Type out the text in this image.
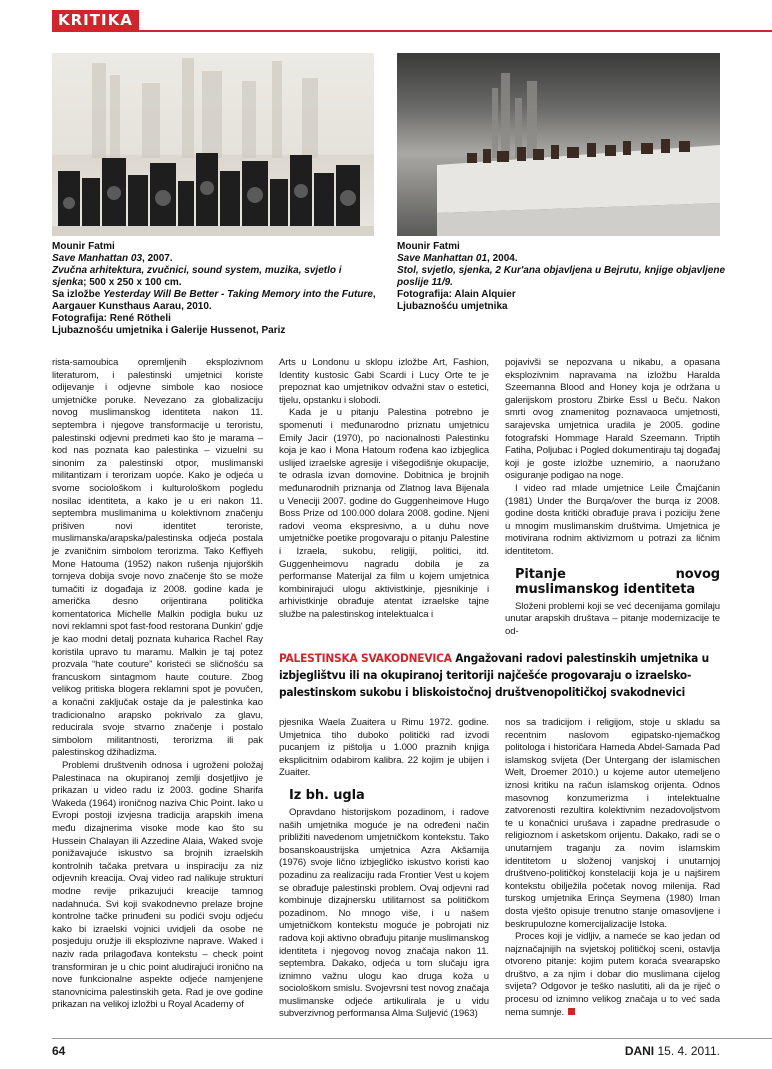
KRITIKA
Mounir Fatmi
Save Manhattan 03, 2007.
Zvučna arhitektura, zvučnici, sound system, muzika, svjetlo i sjenka; 500 x 250 x 100 cm.
Sa izložbe Yesterday Will Be Better - Taking Memory into the Future, Aargauer Kunsthaus Aarau, 2010.
Fotografija: René Rötheli
Ljubaznošću umjetnika i Galerije Hussenot, Pariz
Mounir Fatmi
Save Manhattan 01, 2004.
Stol, svjetlo, sjenka, 2 Kur'ana objavljena u Bejrutu, knjige objavljene poslije 11/9.
Fotografija: Alain Alquier
Ljubaznošću umjetnika

rista-samoubica opremljenih eksplozivnom literaturom, i palestinski umjetnici koriste odijevanje i odjevne simbole kao nosioce umjetničke poruke. Nevezano za globalizaciju novog muslimanskog identiteta nakon 11. septembra i njegove transformacije u teroristu, palestinski odjevni predmeti kao što je marama – kod nas poznata kao palestinka – vizuelni su sinonim za palestinski otpor, muslimanski militantizam i terorizam uopće. Kako je odjeća u svome sociološkom i kulturološkom pogledu nosilac identiteta, a kako je u eri nakon 11. septembra muslimanima u kolektivnom značenju prišiven novi identitet teroriste, muslimanska/arapska/palestinska odjeća postala je zvaničnim simbolom terorizma. Tako Keffiyeh Mone Hatouma (1952) nakon rušenja njujorških tornjeva dobija svoje novo značenje što se može tumačiti iz događaja iz 2008. godine kada je američka desno orijentirana politička komentatorica Michelle Malkin podigla buku uz novi reklamni spot fast-food restorana Dunkin' gdje je kao modni detalj poznata kuharica Rachel Ray koristila upravo tu maramu. Malkin je taj potez prozvala “hate couture” koristeći se sličnošću sa francuskom sintagmom haute couture. Zbog velikog pritiska blogera reklamni spot je povučen, a konačni zaključak ostaje da je palestinka kao tradicionalno arapsko pokrivalo za glavu, reducirala svoje stvarno značenje i postalo simbolom militantnosti, terorizma ili pak palestinskog džihadizma.

Problemi društvenih odnosa i ugroženi položaj Palestinaca na okupiranoj zemlji dosjetljivo je prikazan u video radu iz 2003. godine Sharifa Wakeda (1964) ironičnog naziva Chic Point. Iako u Evropi postoji izvjesna tradicija arapskih imena među dizajnerima visoke mode kao što su Hussein Chalayan ili Azzedine Alaia, Waked svoje ponižavajuće iskustvo sa brojnih izraelskih kontrolnih tačaka pretvara u inspiraciju za niz odjevnih kreacija. Ovaj video rad nalikuje strukturi modne revije prikazujući kreacije tamnog nadahnuća. Svi koji svakodnevno prelaze brojne kontrolne tačke prinuđeni su podići svoju odjeću kako bi izraelski vojnici uvidjeli da osobe ne posjeduju oružje ili eksplozivne naprave. Waked i naziv rada prilagođava kontekstu – check point transformiran je u chic point aludirajući ironično na nove funkcionalne aspekte odjeće namjenjene stanovnicima palestinskih geta. Rad je ove godine prikazan na velikoj izložbi u Royal Academy of

Arts u Londonu u sklopu izložbe Art, Fashion, Identity kustosic Gabi Scardi i Lucy Orte te je prepoznat kao umjetnikov odvažni stav o estetici, tijelu, opstanku i slobodi.

Kada je u pitanju Palestina potrebno je spomenuti i međunarodno priznatu umjetnicu Emily Jacir (1970), po nacionalnosti Palestinku koja je kao i Mona Hatoum rođena kao izbjeglica uslijed izraelske agresije i višegodišnje okupacije, te odrasla izvan domovine. Dobitnica je brojnih međunarodnih priznanja od Zlatnog lava Bijenala u Veneciji 2007. godine do Guggenheimove Hugo Boss Prize od 100.000 dolara 2008. godine. Njeni radovi veoma ekspresivno, a u duhu nove umjetničke poetike progovaraju o pitanju Palestine i Izraela, sukobu, religiji, politici, itd. Guggenheimovu nagradu dobila je za performanse Materijal za film u kojem umjetnica kombinirajući ulogu aktivistkinje, pjesnikinje i arhivistkinje obrađuje atentat izraelske tajne službe na palestinskog intelektualca i

pojavivši se nepozvana u nikabu, a opasana eksplozivnim napravama na izložbu Haralda Szeemanna Blood and Honey koja je održana u galerijskom prostoru Zbirke Essl u Beču. Nakon smrti ovog znamenitog poznavaoca umjetnosti, sarajevska umjetnica uradila je 2005. godine fotografski Hommage Harald Szeemann. Triptih Fatiha, Poljubac i Pogled dokumentiraju taj događaj koji je goste izložbe uznemirio, a naoružano osiguranje podigao na noge.

I video rad mlade umjetnice Leile Čmajčanin (1981) Under the Burqa/over the burqa iz 2008. godine dosta kritički obrađuje prava i poziciju žene u mnogim muslimanskim društvima. Umjetnica je motivirana rodnim aktivizmom u potrazi za ličnim identitetom.

Pitanje novog muslimanskog identiteta

Složeni problemi koji se već decenijama gomilaju unutar arapskih društava – pitanje modernizacije te od-

PALESTINSKA SVAKODNEVICA Angažovani radovi palestinskih umjetnika u izbjeglištvu ili na okupiranoj teritoriji najčešće progovaraju o izraelsko-palestinskom sukobu i bliskoistočnoj društvenopolitičkoj svakodnevici

pjesnika Waela Zuaitera u Rimu 1972. godine. Umjetnica tiho duboko politički rad izvodi pucanjem iz pištolja u 1.000 praznih knjiga eksplicitnim odabirom kalibra. 22 kojim je ubijen i Zuaiter.

Iz bh. ugla

Opravdano historijskom pozadinom, i radove naših umjetnika moguće je na određeni način približiti navedenom umjetničkom kontekstu. Tako bosanskoaustrijska umjetnica Azra Akšamija (1976) svoje lično izbjegličko iskustvo koristi kao pozadinu za realizaciju rada Frontier Vest u kojem se obrađuje palestinski problem. Ovaj odjevni rad kombinuje dizajnersku utilitarnost sa političkom pozadinom. No mnogo više, i u našem umjetničkom kontekstu moguće je pobrojati niz radova koji aktivno obrađuju pitanje muslimanskog identiteta i njegovog novog značaja nakon 11. septembra. Dakako, odjeća u tom slučaju igra iznimno važnu ulogu kao druga koža u sociološkom smislu. Svojevrsni test novog značaja muslimanske odjeće artikulirala je u vidu subverzivnog performansa Alma Suljević (1963)

nos sa tradicijom i religijom, stoje u skladu sa recentnim naslovom egipatsko-njemačkog politologa i historičara Hameda Abdel-Samada Pad islamskog svijeta (Der Untergang der islamischen Welt, Droemer 2010.) u kojeme autor utemeljeno iznosi kritiku na račun islamskog orijenta. Odnos masovnog konzumerizma i intelektualne zatvorenosti rezultira kolektivnim nezadovoljstvom te u konačnici urušava i zapadne predrasude o religioznom i asketskom orijentu. Dakako, radi se o unutarnjem traganju za novim islamskim identitetom u složenoj vanjskoj i unutarnjoj društveno-političkoj konstelaciji koja je u najširem kontekstu obilježila početak novog milenija. Rad turskog umjetnika Erinça Seymena (1980) Iman dosta vješto opisuje trenutno stanje omasovljene i beskrupulozne komercijalizacije Istoka.

Proces koji je vidljiv, a nameće se kao jedan od najznačajnijih na svjetskoj političkoj sceni, ostavlja otvoreno pitanje: kojim putem koraća svearapsko društvo, a za njim i dobar dio muslimana cijelog svijeta? Odgovor je teško naslutiti, ali da je riječ o procesu od iznimno velikog značaja u to već sada nema sumnje.

64	DANI 15. 4. 2011.
